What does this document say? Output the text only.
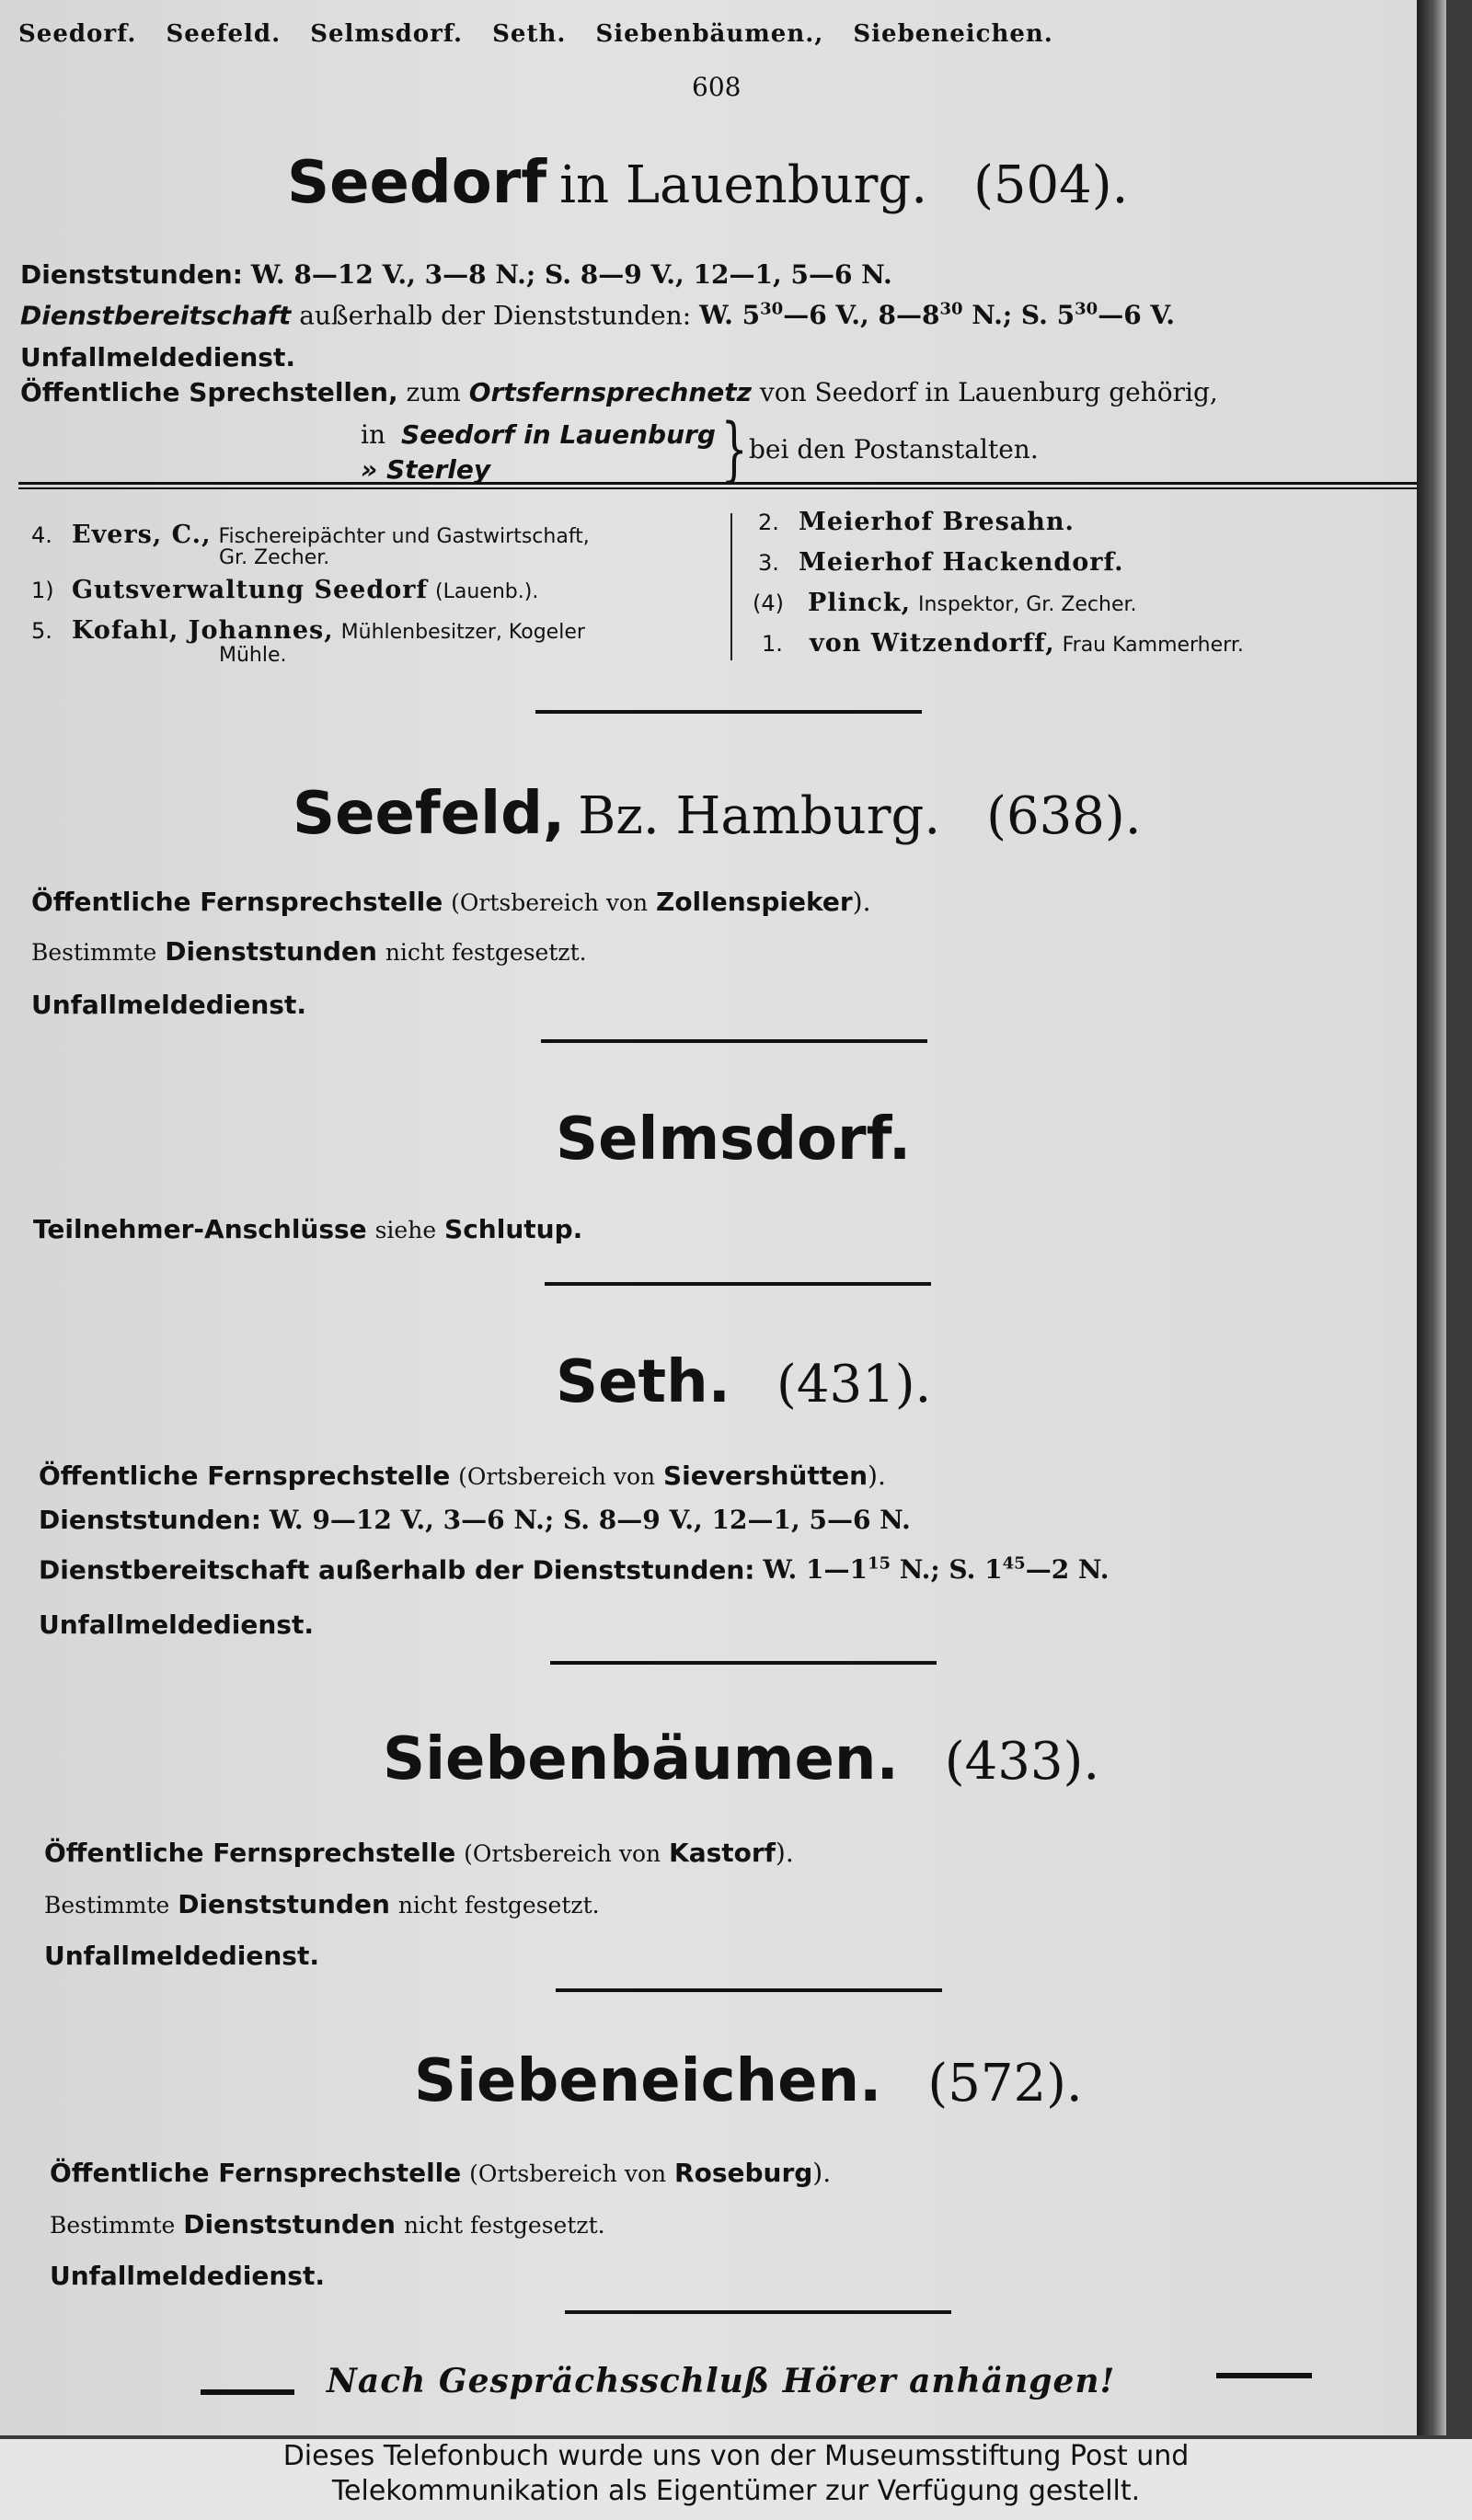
Seedorf. Seefeld. Selmsdorf. Seth. Siebenbäumen., Siebeneichen.
608
Seedorf in Lauenburg. (504).
Dienststunden: W. 8—12 V., 3—8 N.; S. 8—9 V., 12—1, 5—6 N.
Dienstbereitschaft außerhalb der Dienststunden: W. $5^{30}—6$ V., $8—8^{30}$ N.; S. $5^{30}—6$ V.
Unfallmeldedienst.
Öffentliche Sprechstellen, zum Ortsfernsprechnetz von Seedorf in Lauenburg gehörig,
in Seedorf in Lauenburg
» Sterley	} bei den Postanstalten.
4. Evers, C., Fischereipächter und Gastwirtschaft,
Gr. Zecher.
1) Gutsverwaltung Seedorf (Lauenb.).
5. Kofahl, Johannes, Mühlenbesitzer, Kogeler
Mühle.
2. Meierhof Bresahn.
3. Meierhof Hackendorf.
(4) Plinck, Inspektor, Gr. Zecher.
1. von Witzendorff, Frau Kammerherr.
Seefeld, Bz. Hamburg. (638).
Öffentliche Fernsprechstelle (Ortsbereich von Zollenspieker).
Bestimmte Dienststunden nicht festgesetzt.
Unfallmeldedienst.
Selmsdorf.
Teilnehmer-Anschlüsse siehe Schlutup.
Seth. (431).
Öffentliche Fernsprechstelle (Ortsbereich von Sievershütten).
Dienststunden: W. 9—12 V., 3—6 N.; S. 8—9 V., 12—1, 5—6 N.
Dienstbereitschaft außerhalb der Dienststunden: W. $1—1^{15}$ N.; S. $1^{45}—2$ N.
Unfallmeldedienst.
Siebenbäumen. (433).
Öffentliche Fernsprechstelle (Ortsbereich von Kastorf).
Bestimmte Dienststunden nicht festgesetzt.
Unfallmeldedienst.
Siebeneichen. (572).
Öffentliche Fernsprechstelle (Ortsbereich von Roseburg).
Bestimmte Dienststunden nicht festgesetzt.
Unfallmeldedienst.
Nach Gesprächsschluß Hörer anhängen!
Dieses Telefonbuch wurde uns von der Museumsstiftung Post und
Telekommunikation als Eigentümer zur Verfügung gestellt.
